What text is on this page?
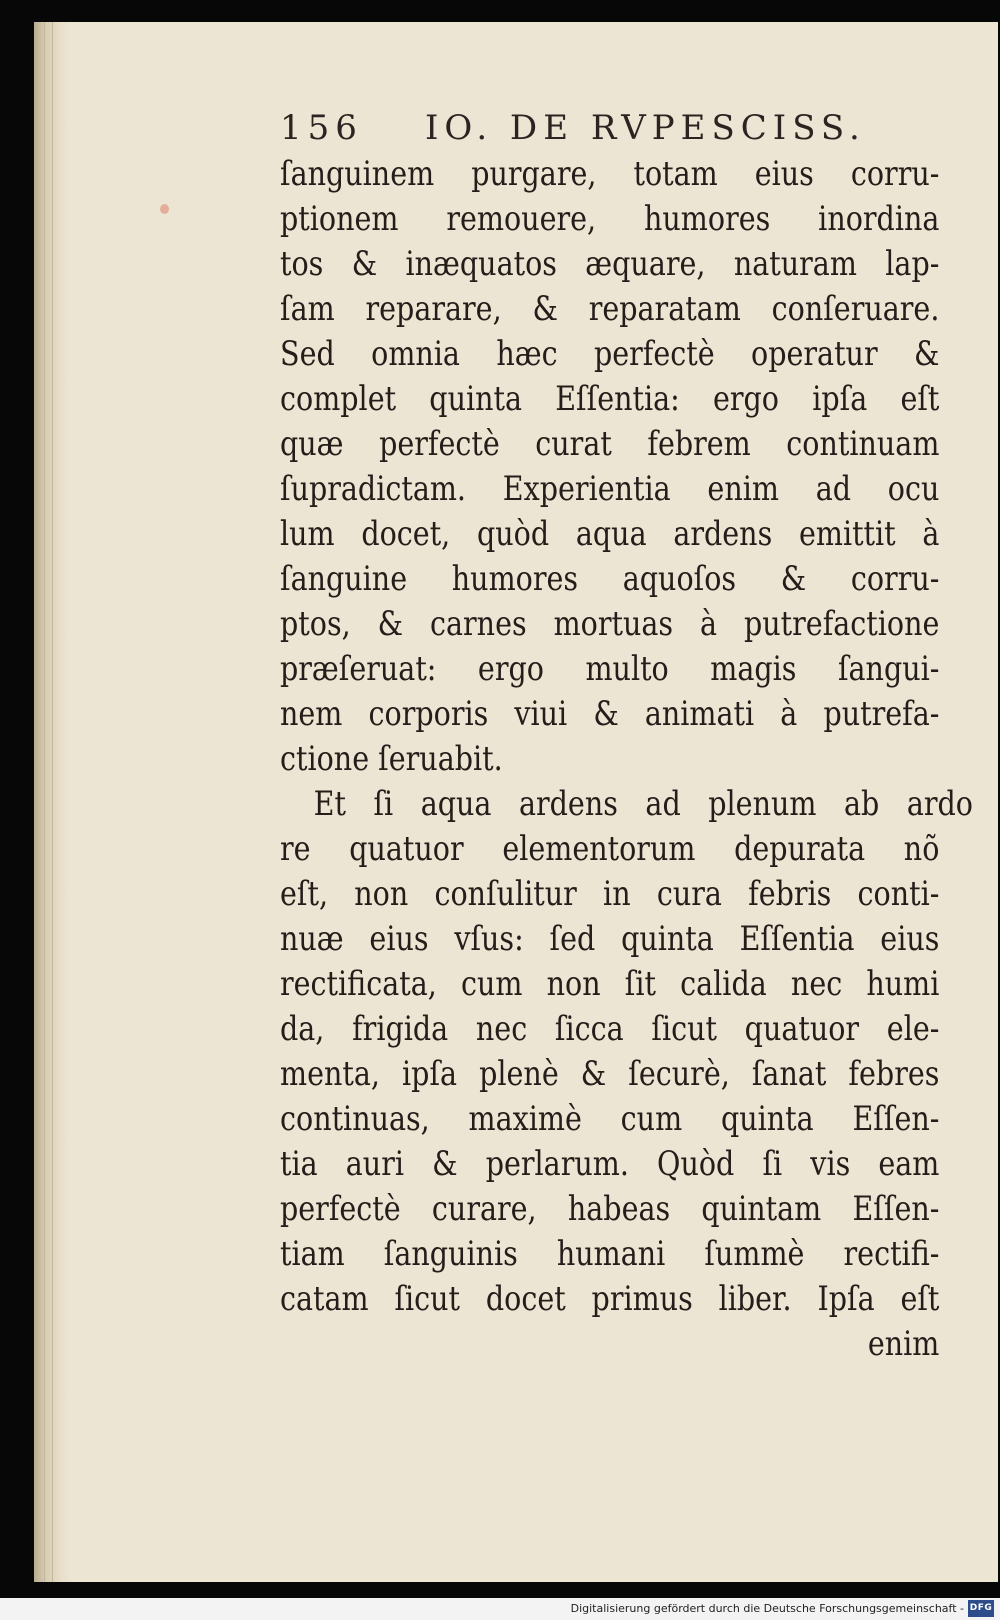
156 IO. DE RVPESCISS.
ſanguinem purgare, totam eius corru‑
ptionem remouere, humores inordina
tos & inæquatos æquare, naturam lap‑
ſam reparare, & reparatam conſeruare.
Sed omnia hæc perfectè operatur &
complet quinta Eſſentia: ergo ipſa eſt
quæ perfectè curat febrem continuam
ſupradictam. Experientia enim ad ocu
lum docet, quòd aqua ardens emittit à
ſanguine humores aquoſos & corru‑
ptos, & carnes mortuas à putrefactione
præſeruat: ergo multo magis ſangui‑
nem corporis viui & animati à putrefa‑
ctione ſeruabit.
Et ſi aqua ardens ad plenum ab ardo
re quatuor elementorum depurata nõ
eſt, non conſulitur in cura febris conti‑
nuæ eius vſus: ſed quinta Eſſentia eius
rectificata, cum non ſit calida nec humi
da, frigida nec ſicca ſicut quatuor ele‑
menta, ipſa plenè & ſecurè, ſanat febres
continuas, maximè cum quinta Eſſen‑
tia auri & perlarum. Quòd ſi vis eam
perfectè curare, habeas quintam Eſſen‑
tiam ſanguinis humani ſummè rectifi‑
catam ſicut docet primus liber. Ipſa eſt
enim
Digitalisierung gefördert durch die Deutsche Forschungsgemeinschaft - DFG
